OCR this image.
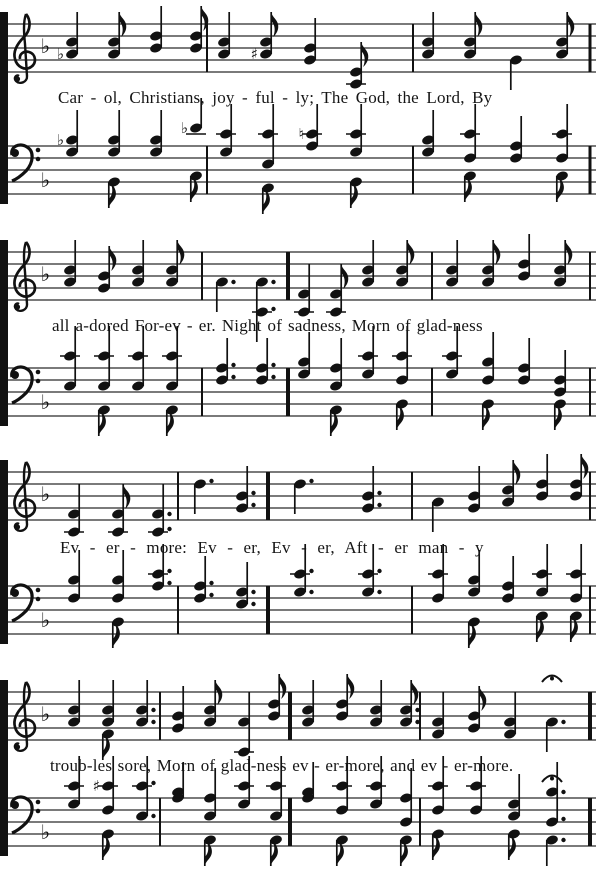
♭
♭
♭	♯
♭
♭	♮
♭
♭
♭
♭
♭
♭
♯
Car - ol, Christians, joy - ful - ly; The God, the Lord, By
all a-dored For-ev - er. Night of sadness, Morn of glad-ness
Ev - er - more: Ev - er, Ev - er, Aft - er man - y
troub-les sore, Morn of glad-ness ev - er-more, and ev - er-more.
